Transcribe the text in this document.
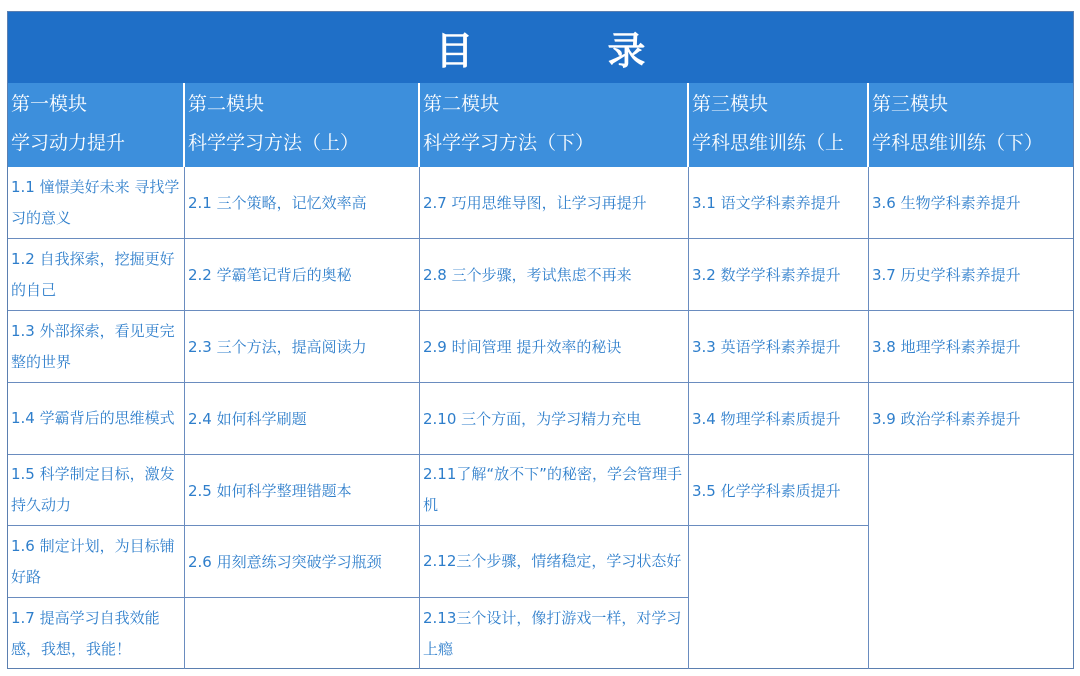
目　录
第一模块
学习动力提升
第二模块
科学学习方法（上）
第二模块
科学学习方法（下）
第三模块
学科思维训练（上
第三模块
学科思维训练（下）
1.1 憧憬美好未来 寻找学习的意义
1.2 自我探索，挖掘更好的自己
1.3 外部探索，看见更完整的世界
1.4 学霸背后的思维模式
1.5 科学制定目标，激发持久动力
1.6 制定计划，为目标铺好路
1.7 提高学习自我效能感，我想，我能！
2.1 三个策略，记忆效率高
2.2 学霸笔记背后的奥秘
2.3 三个方法，提高阅读力
2.4 如何科学刷题
2.5 如何科学整理错题本
2.6 用刻意练习突破学习瓶颈
2.7 巧用思维导图，让学习再提升
2.8 三个步骤，考试焦虑不再来
2.9 时间管理 提升效率的秘诀
2.10 三个方面，为学习精力充电
2.11了解“放不下”的秘密，学会管理手机
2.12三个步骤，情绪稳定，学习状态好
2.13三个设计，像打游戏一样，对学习上瘾
3.1 语文学科素养提升
3.2 数学学科素养提升
3.3 英语学科素养提升
3.4 物理学科素质提升
3.5 化学学科素质提升
3.6 生物学科素养提升
3.7 历史学科素养提升
3.8 地理学科素养提升
3.9 政治学科素养提升
